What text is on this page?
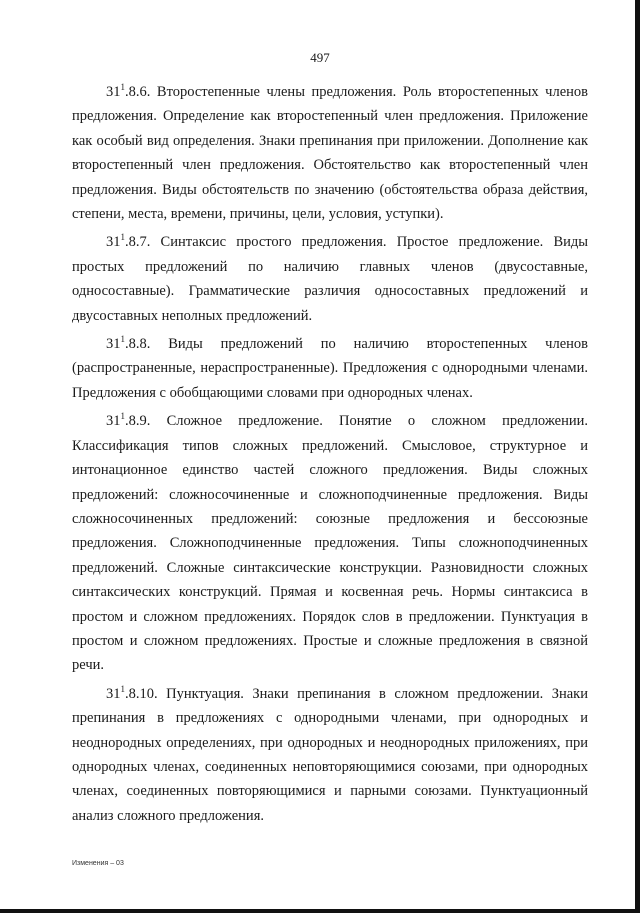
497

$31^1.8.6$. Второстепенные члены предложения. Роль второстепенных членов предложения. Определение как второстепенный член предложения. Приложение как особый вид определения. Знаки препинания при приложении. Дополнение как второстепенный член предложения. Обстоятельство как второстепенный член предложения. Виды обстоятельств по значению (обстоятельства образа действия, степени, места, времени, причины, цели, условия, уступки).

$31^1.8.7$. Синтаксис простого предложения. Простое предложение. Виды простых предложений по наличию главных членов (двусоставные, односоставные). Грамматические различия односоставных предложений и двусоставных неполных предложений.

$31^1.8.8$. Виды предложений по наличию второстепенных членов (распространенные, нераспространенные). Предложения с однородными членами. Предложения с обобщающими словами при однородных членах.

$31^1.8.9$. Сложное предложение. Понятие о сложном предложении. Классификация типов сложных предложений. Смысловое, структурное и интонационное единство частей сложного предложения. Виды сложных предложений: сложносочиненные и сложноподчиненные предложения. Виды сложносочиненных предложений: союзные предложения и бессоюзные предложения. Сложноподчиненные предложения. Типы сложноподчиненных предложений. Сложные синтаксические конструкции. Разновидности сложных синтаксических конструкций. Прямая и косвенная речь. Нормы синтаксиса в простом и сложном предложениях. Порядок слов в предложении. Пунктуация в простом и сложном предложениях. Простые и сложные предложения в связной речи.

$31^1.8.10$. Пунктуация. Знаки препинания в сложном предложении. Знаки препинания в предложениях с однородными членами, при однородных и неоднородных определениях, при однородных и неоднородных приложениях, при однородных членах, соединенных неповторяющимися союзами, при однородных членах, соединенных повторяющимися и парными союзами. Пунктуационный анализ сложного предложения.

Изменения – 03
